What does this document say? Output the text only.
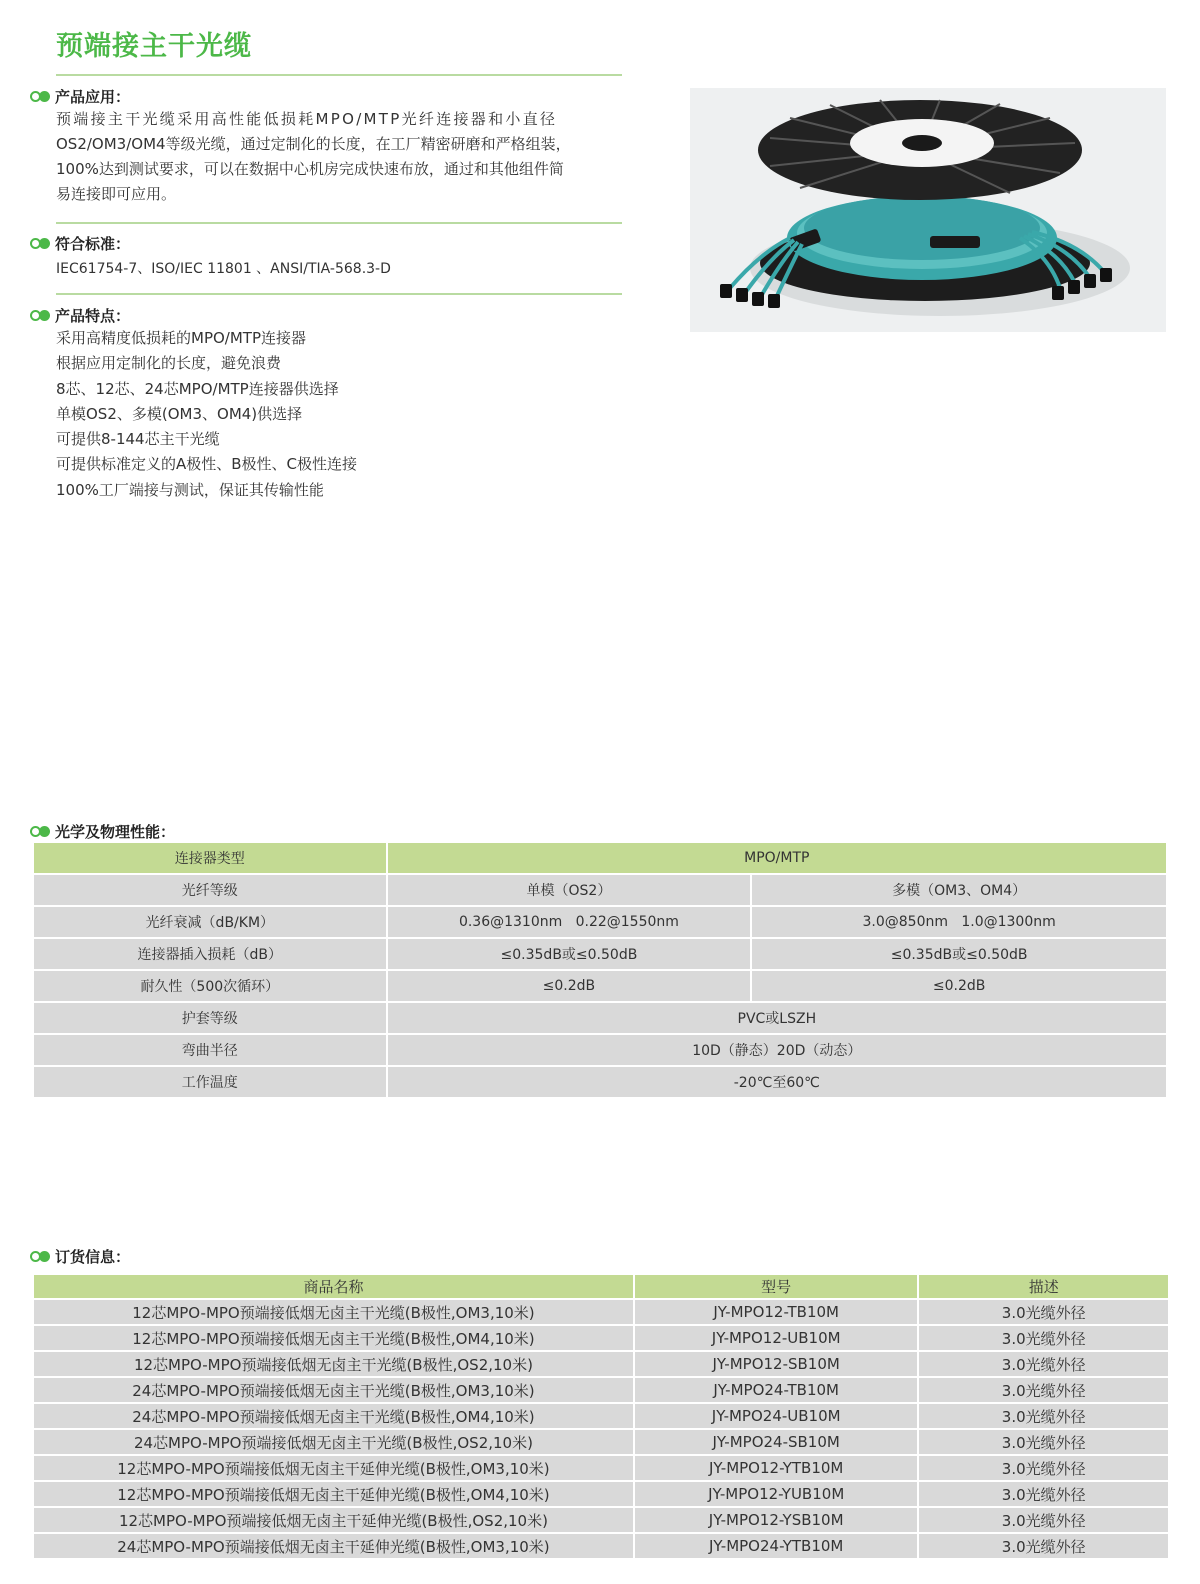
预端接主干光缆
产品应用：
预端接主干光缆采用高性能低损耗MPO/MTP光纤连接器和小直径
OS2/OM3/OM4等级光缆，通过定制化的长度，在工厂精密研磨和严格组装，
100%达到测试要求，可以在数据中心机房完成快速布放，通过和其他组件简
易连接即可应用。
符合标准：
IEC61754-7、ISO/IEC 11801 、ANSI/TIA-568.3-D
产品特点：
采用高精度低损耗的MPO/MTP连接器
根据应用定制化的长度，避免浪费
8芯、12芯、24芯MPO/MTP连接器供选择
单模OS2、多模(OM3、OM4)供选择
可提供8-144芯主干光缆
可提供标准定义的A极性、B极性、C极性连接
100%工厂端接与测试，保证其传输性能
光学及物理性能：
连接器类型	MPO/MTP	
光纤等级	单模（OS2）	多模（OM3、OM4）
光纤衰减（dB/KM）	0.36@1310nm   0.22@1550nm	3.0@850nm   1.0@1300nm
连接器插入损耗（dB）	≤0.35dB或≤0.50dB	≤0.35dB或≤0.50dB
耐久性（500次循环）	≤0.2dB	≤0.2dB
护套等级	PVC或LSZH	
弯曲半径	10D（静态）20D（动态）	
工作温度	-20℃至60℃	
订货信息：
商品名称	型号	描述
12芯MPO-MPO预端接低烟无卤主干光缆(B极性,OM3,10米)	JY-MPO12-TB10M	3.0光缆外径
12芯MPO-MPO预端接低烟无卤主干光缆(B极性,OM4,10米)	JY-MPO12-UB10M	3.0光缆外径
12芯MPO-MPO预端接低烟无卤主干光缆(B极性,OS2,10米)	JY-MPO12-SB10M	3.0光缆外径
24芯MPO-MPO预端接低烟无卤主干光缆(B极性,OM3,10米)	JY-MPO24-TB10M	3.0光缆外径
24芯MPO-MPO预端接低烟无卤主干光缆(B极性,OM4,10米)	JY-MPO24-UB10M	3.0光缆外径
24芯MPO-MPO预端接低烟无卤主干光缆(B极性,OS2,10米)	JY-MPO24-SB10M	3.0光缆外径
12芯MPO-MPO预端接低烟无卤主干延伸光缆(B极性,OM3,10米)	JY-MPO12-YTB10M	3.0光缆外径
12芯MPO-MPO预端接低烟无卤主干延伸光缆(B极性,OM4,10米)	JY-MPO12-YUB10M	3.0光缆外径
12芯MPO-MPO预端接低烟无卤主干延伸光缆(B极性,OS2,10米)	JY-MPO12-YSB10M	3.0光缆外径
24芯MPO-MPO预端接低烟无卤主干延伸光缆(B极性,OM3,10米)	JY-MPO24-YTB10M	3.0光缆外径
